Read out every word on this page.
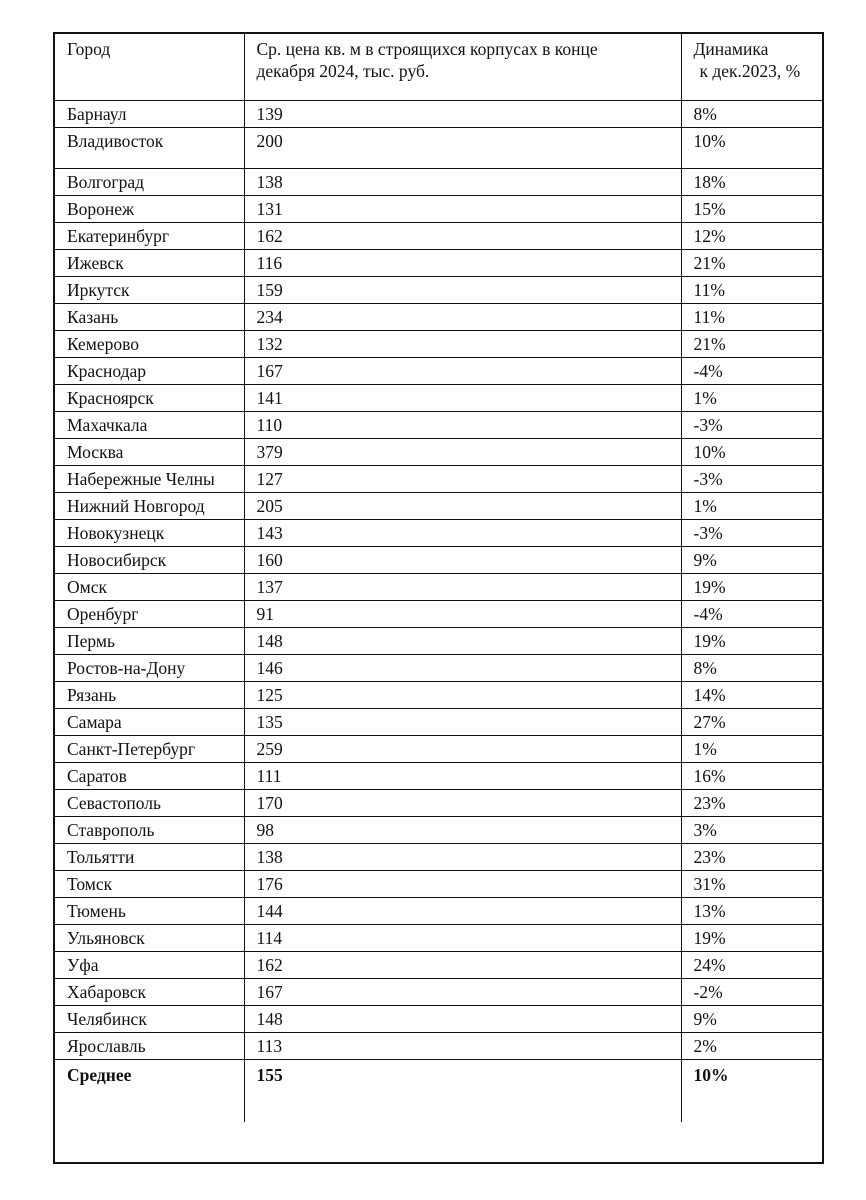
Город	Ср. цена кв. м в строящихся корпусах в конце
декабря 2024, тыс. руб.	Динамика
к дек.2023, %

Барнаул	139	8%
Владивосток	200	10%
Волгоград	138	18%
Воронеж	131	15%
Екатеринбург	162	12%
Ижевск	116	21%
Иркутск	159	11%
Казань	234	11%
Кемерово	132	21%
Краснодар	167	-4%
Красноярск	141	1%
Махачкала	110	-3%
Москва	379	10%
Набережные Челны	127	-3%
Нижний Новгород	205	1%
Новокузнецк	143	-3%
Новосибирск	160	9%
Омск	137	19%
Оренбург	91	-4%
Пермь	148	19%
Ростов-на-Дону	146	8%
Рязань	125	14%
Самара	135	27%
Санкт-Петербург	259	1%
Саратов	111	16%
Севастополь	170	23%
Ставрополь	98	3%
Тольятти	138	23%
Томск	176	31%
Тюмень	144	13%
Ульяновск	114	19%
Уфа	162	24%
Хабаровск	167	-2%
Челябинск	148	9%
Ярославль	113	2%
Среднее	155	10%
